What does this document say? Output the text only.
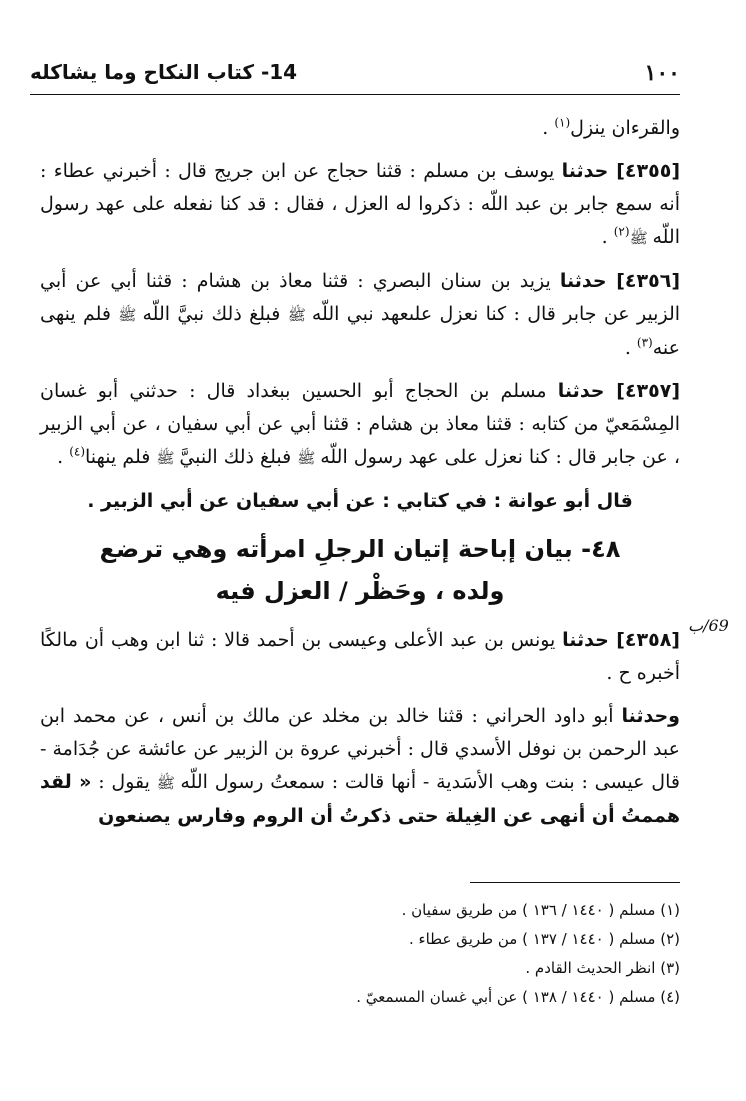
١٠٠
14- كتاب النكاح وما يشاكله
69/ب

والقرءان ينزل$^{(١)}$ .

[٤٣٥٥] حدثنا يوسف بن مسلم : قثنا حجاج عن ابن جريج قال : أخبرني عطاء : أنه سمع جابر بن عبد اللّه : ذكروا له العزل ، فقال : قد كنا نفعله على عهد رسول اللّه ﷺ$^{(٢)}$ .

[٤٣٥٦] حدثنا يزيد بن سنان البصري : قثنا معاذ بن هشام : قثنا أبي عن أبي الزبير عن جابر قال : كنا نعزل علىعهد نبي اللّه ﷺ فبلغ ذلك نبيَّ اللّه ﷺ فلم ينهى عنه$^{(٣)}$ .

[٤٣٥٧] حدثنا مسلم بن الحجاج أبو الحسين ببغداد قال : حدثني أبو غسان المِسْمَعيّ من كتابه : قثنا معاذ بن هشام : قثنا أبي عن أبي سفيان ، عن أبي الزبير ، عن جابر قال : كنا نعزل على عهد رسول اللّه ﷺ فبلغ ذلك النبيَّ ﷺ فلم ينهنا$^{(٤)}$ .

قال أبو عوانة : في كتابي : عن أبي سفيان عن أبي الزبير .

٤٨- بيان إباحة إتيان الرجلِ امرأته وهي ترضع
ولده ، وحَظْر / العزل فيه

[٤٣٥٨] حدثنا يونس بن عبد الأعلى وعيسى بن أحمد قالا : ثنا ابن وهب أن مالكًا أخبره ح .

وحدثنا أبو داود الحراني : قثنا خالد بن مخلد عن مالك بن أنس ، عن محمد ابن عبد الرحمن بن نوفل الأسدي قال : أخبرني عروة بن الزبير عن عائشة عن جُدَامة - قال عيسى : بنت وهب الأسَدية - أنها قالت : سمعتُ رسول اللّه ﷺ يقول : « لقد هممتُ أن أنهى عن الغِيلة حتى ذكرتُ أن الروم وفارس يصنعون

(١) مسلم ( ١٤٤٠ / ١٣٦ ) من طريق سفيان .

(٢) مسلم ( ١٤٤٠ / ١٣٧ ) من طريق عطاء .

(٣) انظر الحديث القادم .

(٤) مسلم ( ١٤٤٠ / ١٣٨ ) عن أبي غسان المسمعيّ .
